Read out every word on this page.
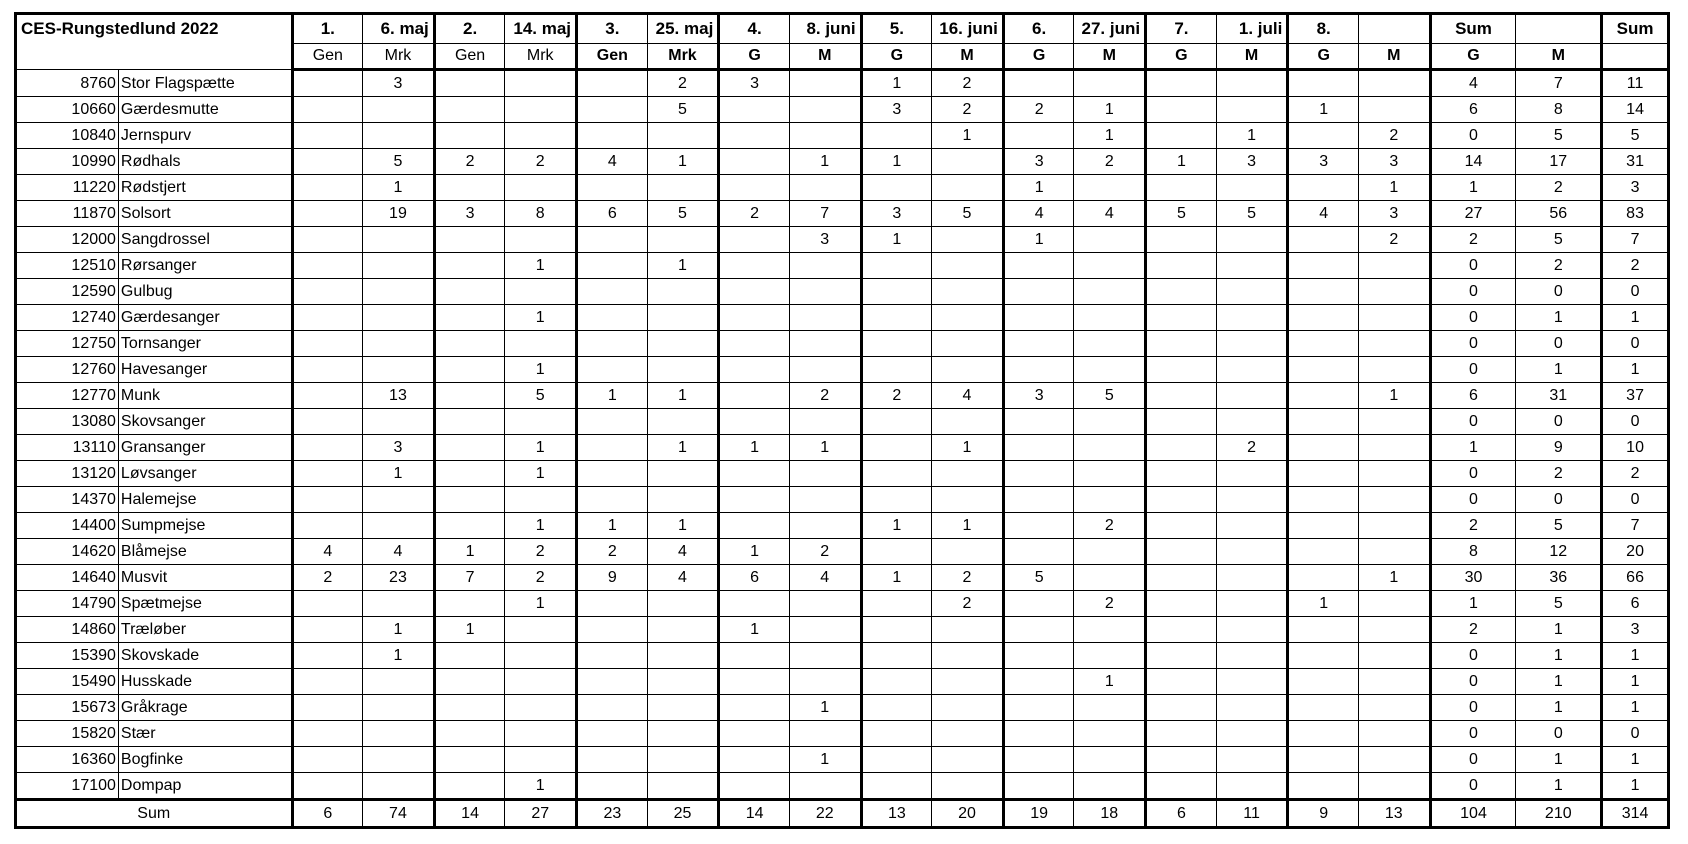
CES-Rungstedlund 2022		1.	6. maj	2.	14. maj	3.	25. maj	4.	8. juni	5.	16. juni	6.	27. juni	7.	1. juli	8.		Sum		Sum
		Gen	Mrk	Gen	Mrk	Gen	Mrk	G	M	G	M	G	M	G	M	G	M	G	M	
8760	Stor Flagspætte		3				2	3		1	2							4	7	11
10660	Gærdesmutte						5			3	2	2	1			1		6	8	14
10840	Jernspurv										1		1		1		2	0	5	5
10990	Rødhals		5	2	2	4	1		1	1		3	2	1	3	3	3	14	17	31
11220	Rødstjert		1									1					1	1	2	3
11870	Solsort		19	3	8	6	5	2	7	3	5	4	4	5	5	4	3	27	56	83
12000	Sangdrossel								3	1		1					2	2	5	7
12510	Rørsanger				1		1											0	2	2
12590	Gulbug																	0	0	0
12740	Gærdesanger				1													0	1	1
12750	Tornsanger																	0	0	0
12760	Havesanger				1													0	1	1
12770	Munk		13		5	1	1		2	2	4	3	5				1	6	31	37
13080	Skovsanger																	0	0	0
13110	Gransanger		3		1		1	1	1		1				2			1	9	10
13120	Løvsanger		1		1													0	2	2
14370	Halemejse																	0	0	0
14400	Sumpmejse				1	1	1			1	1		2					2	5	7
14620	Blåmejse	4	4	1	2	2	4	1	2									8	12	20
14640	Musvit	2	23	7	2	9	4	6	4	1	2	5					1	30	36	66
14790	Spætmejse				1						2		2			1		1	5	6
14860	Træløber		1	1				1										2	1	3
15390	Skovskade		1															0	1	1
15490	Husskade												1					0	1	1
15673	Gråkrage								1									0	1	1
15820	Stær																	0	0	0
16360	Bogfinke								1									0	1	1
17100	Dompap				1													0	1	1
Sum		6	74	14	27	23	25	14	22	13	20	19	18	6	11	9	13	104	210	314
